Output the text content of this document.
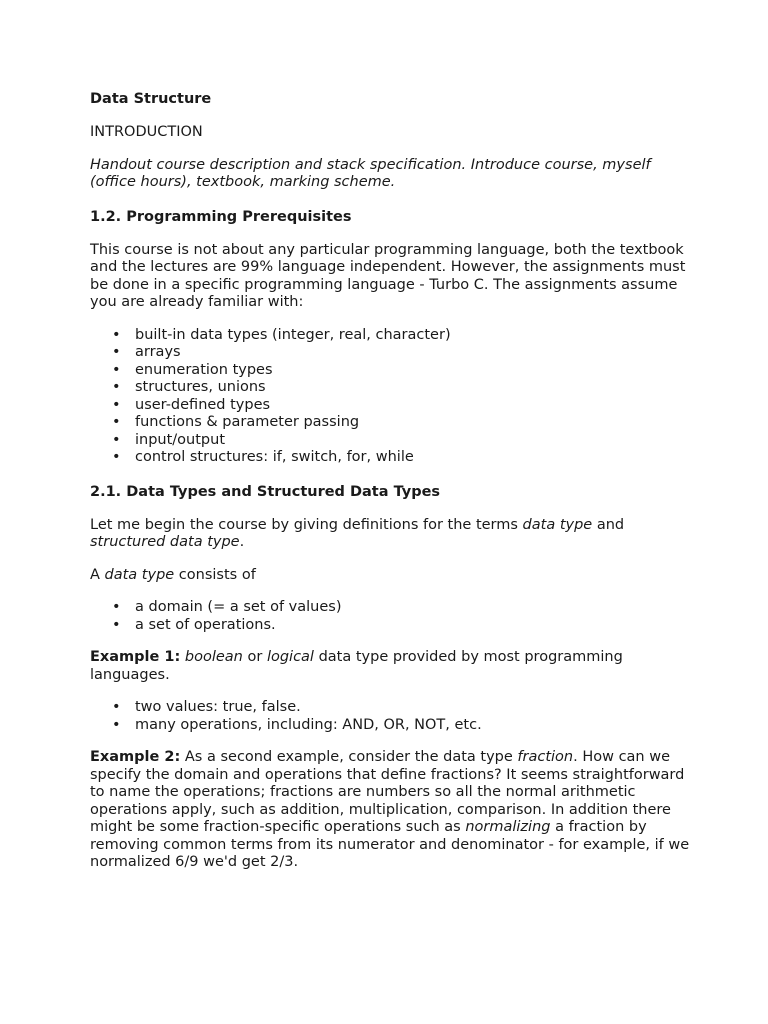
Data Structure

INTRODUCTION

Handout course description and stack specification. Introduce course, myself (office hours), textbook, marking scheme.

1.2. Programming Prerequisites

This course is not about any particular programming language, both the textbook and the lectures are 99% language independent. However, the assignments must be done in a specific programming language - Turbo C. The assignments assume you are already familiar with:

• built-in data types (integer, real, character)
• arrays
• enumeration types
• structures, unions
• user-defined types
• functions & parameter passing
• input/output
• control structures: if, switch, for, while
2.1. Data Types and Structured Data Types

Let me begin the course by giving definitions for the terms data type and structured data type.

A data type consists of

• a domain (= a set of values)
• a set of operations.

Example 1: boolean or logical data type provided by most programming languages.

• two values: true, false.
• many operations, including: AND, OR, NOT, etc.

Example 2: As a second example, consider the data type fraction. How can we specify the domain and operations that define fractions? It seems straightforward to name the operations; fractions are numbers so all the normal arithmetic operations apply, such as addition, multiplication, comparison. In addition there might be some fraction-specific operations such as normalizing a fraction by removing common terms from its numerator and denominator - for example, if we normalized 6/9 we'd get 2/3.
